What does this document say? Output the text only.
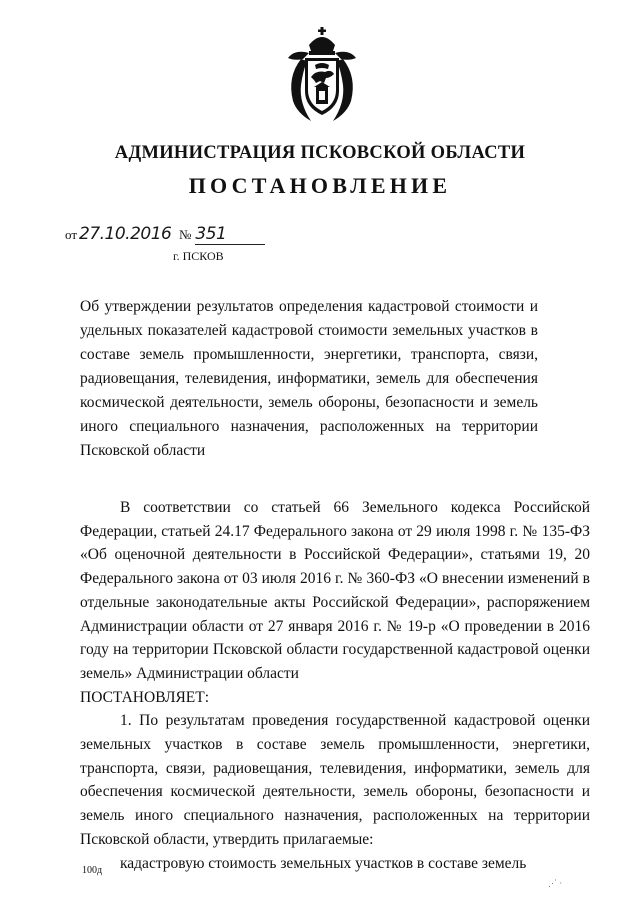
АДМИНИСТРАЦИЯ ПСКОВСКОЙ ОБЛАСТИ
ПОСТАНОВЛЕНИЕ
от 27.10.2016 № 351
г. ПСКОВ
Об утверждении результатов определения кадастровой стоимости и удельных показателей кадастровой стоимости земельных участков в составе земель промышленности, энергетики, транспорта, связи, радиовещания, телевидения, информатики, земель для обеспечения космической деятельности, земель обороны, безопасности и земель иного специального назначения, расположенных на территории Псковской области

В соответствии со статьей 66 Земельного кодекса Российской Федерации, статьей 24.17 Федерального закона от 29 июля 1998 г. № 135-ФЗ «Об оценочной деятельности в Российской Федерации», статьями 19, 20 Федерального закона от 03 июля 2016 г. № 360-ФЗ «О внесении изменений в отдельные законодательные акты Российской Федерации», распоряжением Администрации области от 27 января 2016 г. № 19-р «О проведении в 2016 году на территории Псковской области государственной кадастровой оценки земель» Администрации области

ПОСТАНОВЛЯЕТ:

1. По результатам проведения государственной кадастровой оценки земельных участков в составе земель промышленности, энергетики, транспорта, связи, радиовещания, телевидения, информатики, земель для обеспечения космической деятельности, земель обороны, безопасности и земель иного специального назначения, расположенных на территории Псковской области, утвердить прилагаемые:

кадастровую стоимость земельных участков в составе земель

100д
⋰ ·
